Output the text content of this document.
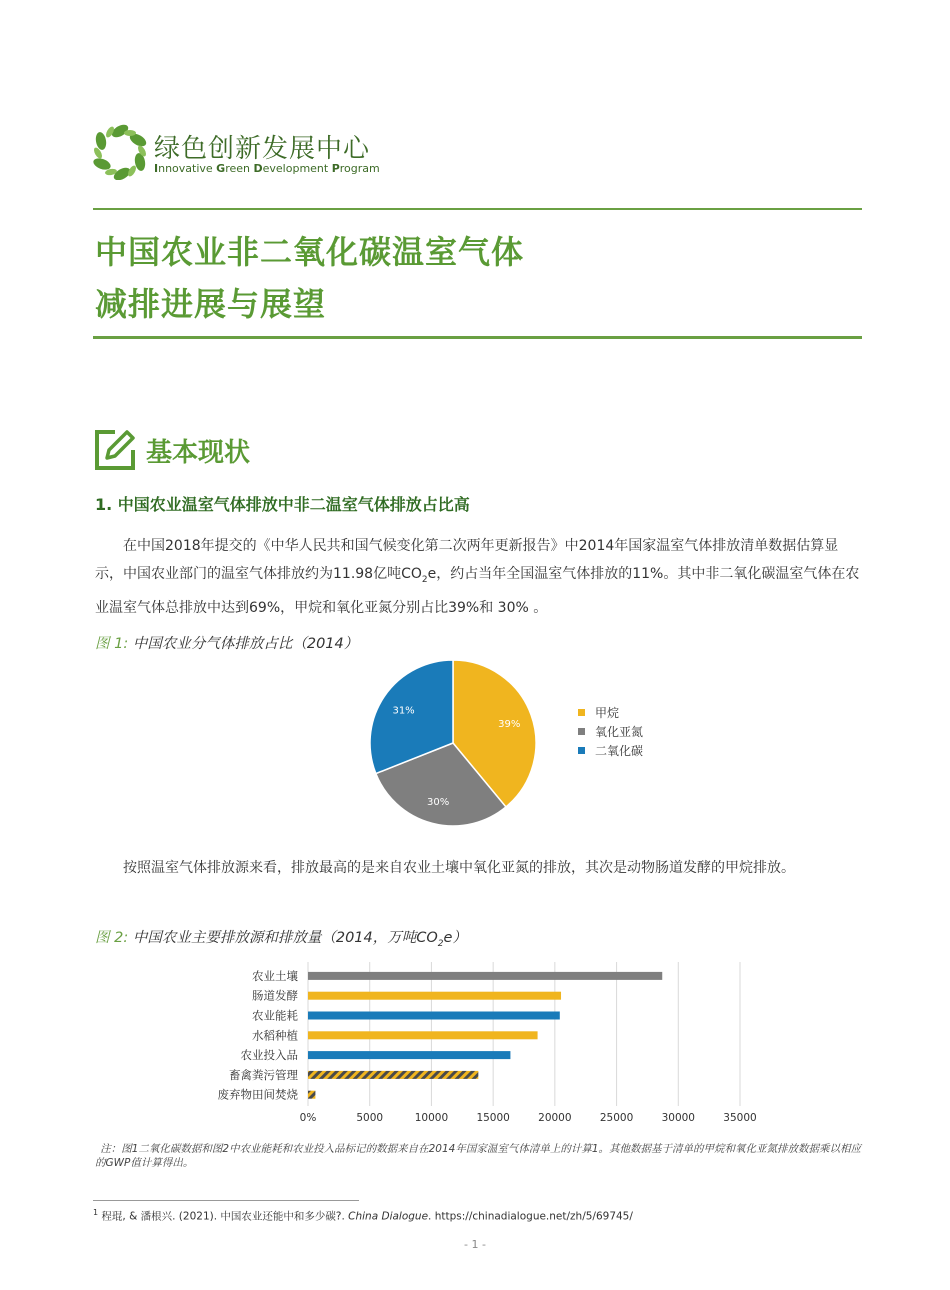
绿色创新发展中心
Innovative Green Development Program
中国农业非二氧化碳温室气体
减排进展与展望
基本现状
1. 中国农业温室气体排放中非二温室气体排放占比高

在中国2018年提交的《中华人民共和国气候变化第二次两年更新报告》中2014年国家温室气体排放清单数据估算显示，中国农业部门的温室气体排放约为11.98亿吨$CO_2e$，约占当年全国温室气体排放的11%。其中非二氧化碳温室气体在农业温室气体总排放中达到69%，甲烷和氧化亚氮分别占比39%和 30% 。

图 1: 中国农业分气体排放占比（2014）
39%
30%
31%	甲烷
氧化亚氮
二氧化碳

按照温室气体排放源来看，排放最高的是来自农业土壤中氧化亚氮的排放，其次是动物肠道发酵的甲烷排放。

图 2: 中国农业主要排放源和排放量（2014，万吨$CO_2e$）
0%	5000	10000	15000	20000	25000	30000	35000
农业土壤
肠道发酵
农业能耗
水稻种植
农业投入品
畜禽粪污管理
废弃物田间焚烧

注：图1二氧化碳数据和图2中农业能耗和农业投入品标记的数据来自在2014年国家温室气体清单上的计算1。其他数据基于清单的甲烷和氧化亚氮排放数据乘以相应的GWP值计算得出。

$^1$ 程琨, & 潘根兴. (2021). 中国农业还能中和多少碳?. China Dialogue. https://chinadialogue.net/zh/5/69745/
- 1 -
